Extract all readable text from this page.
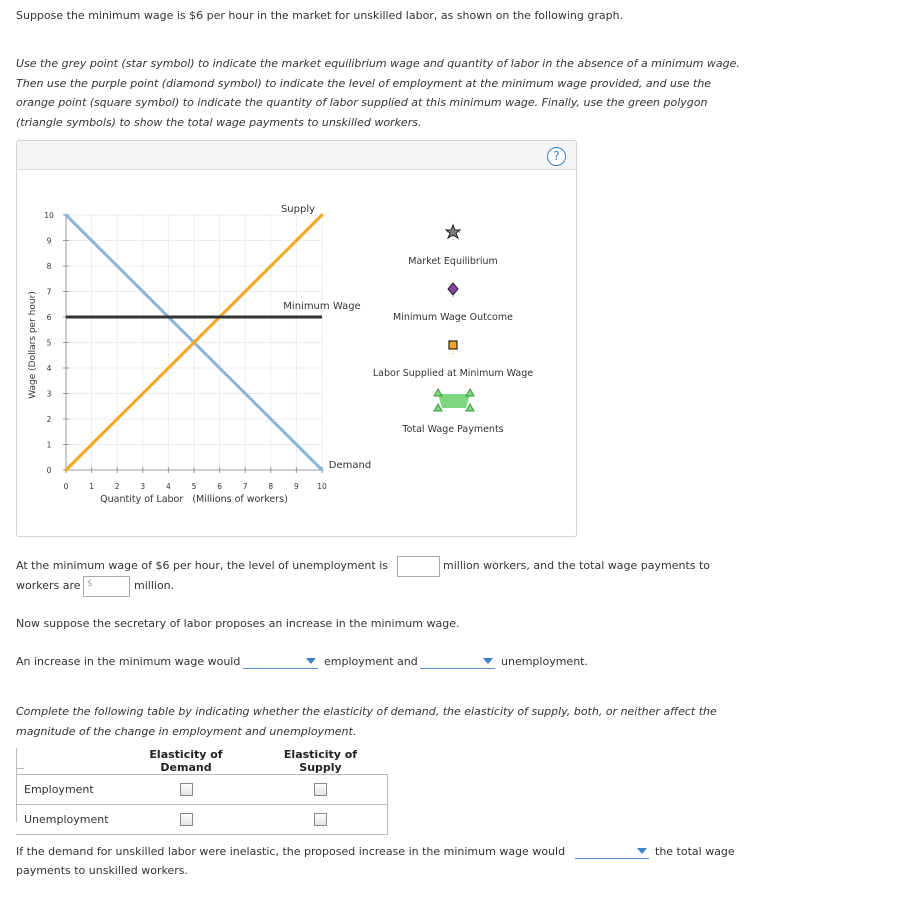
Suppose the minimum wage is $6 per hour in the market for unskilled labor, as shown on the following graph.
Use the grey point (star symbol) to indicate the market equilibrium wage and quantity of labor in the absence of a minimum wage. Then use the purple point (diamond symbol) to indicate the level of employment at the minimum wage provided, and use the orange point (square symbol) to indicate the quantity of labor supplied at this minimum wage. Finally, use the green polygon (triangle symbols) to show the total wage payments to unskilled workers.
?
Wage (Dollars per hour)
0
0
1
1
2
2
3
3
4
4
5
5
6
6
7
7
8
8
9
9
10
10
Supply
Minimum Wage
Demand
Quantity of Labor   (Millions of workers)
Market Equilibrium
Minimum Wage Outcome
Labor Supplied at Minimum Wage
Total Wage Payments
At the minimum wage of $6 per hour, the level of unemployment is	million workers, and the total wage payments to
workers are $	million.
Now suppose the secretary of labor proposes an increase in the minimum wage.
An increase in the minimum wage would	employment and	unemployment.
Complete the following table by indicating whether the elasticity of demand, the elasticity of supply, both, or neither affect the magnitude of the change in employment and unemployment.
	Elasticity of Demand	Elasticity of Supply
Employment		
Unemployment		
If the demand for unskilled labor were inelastic, the proposed increase in the minimum wage would	the total wage
payments to unskilled workers.
